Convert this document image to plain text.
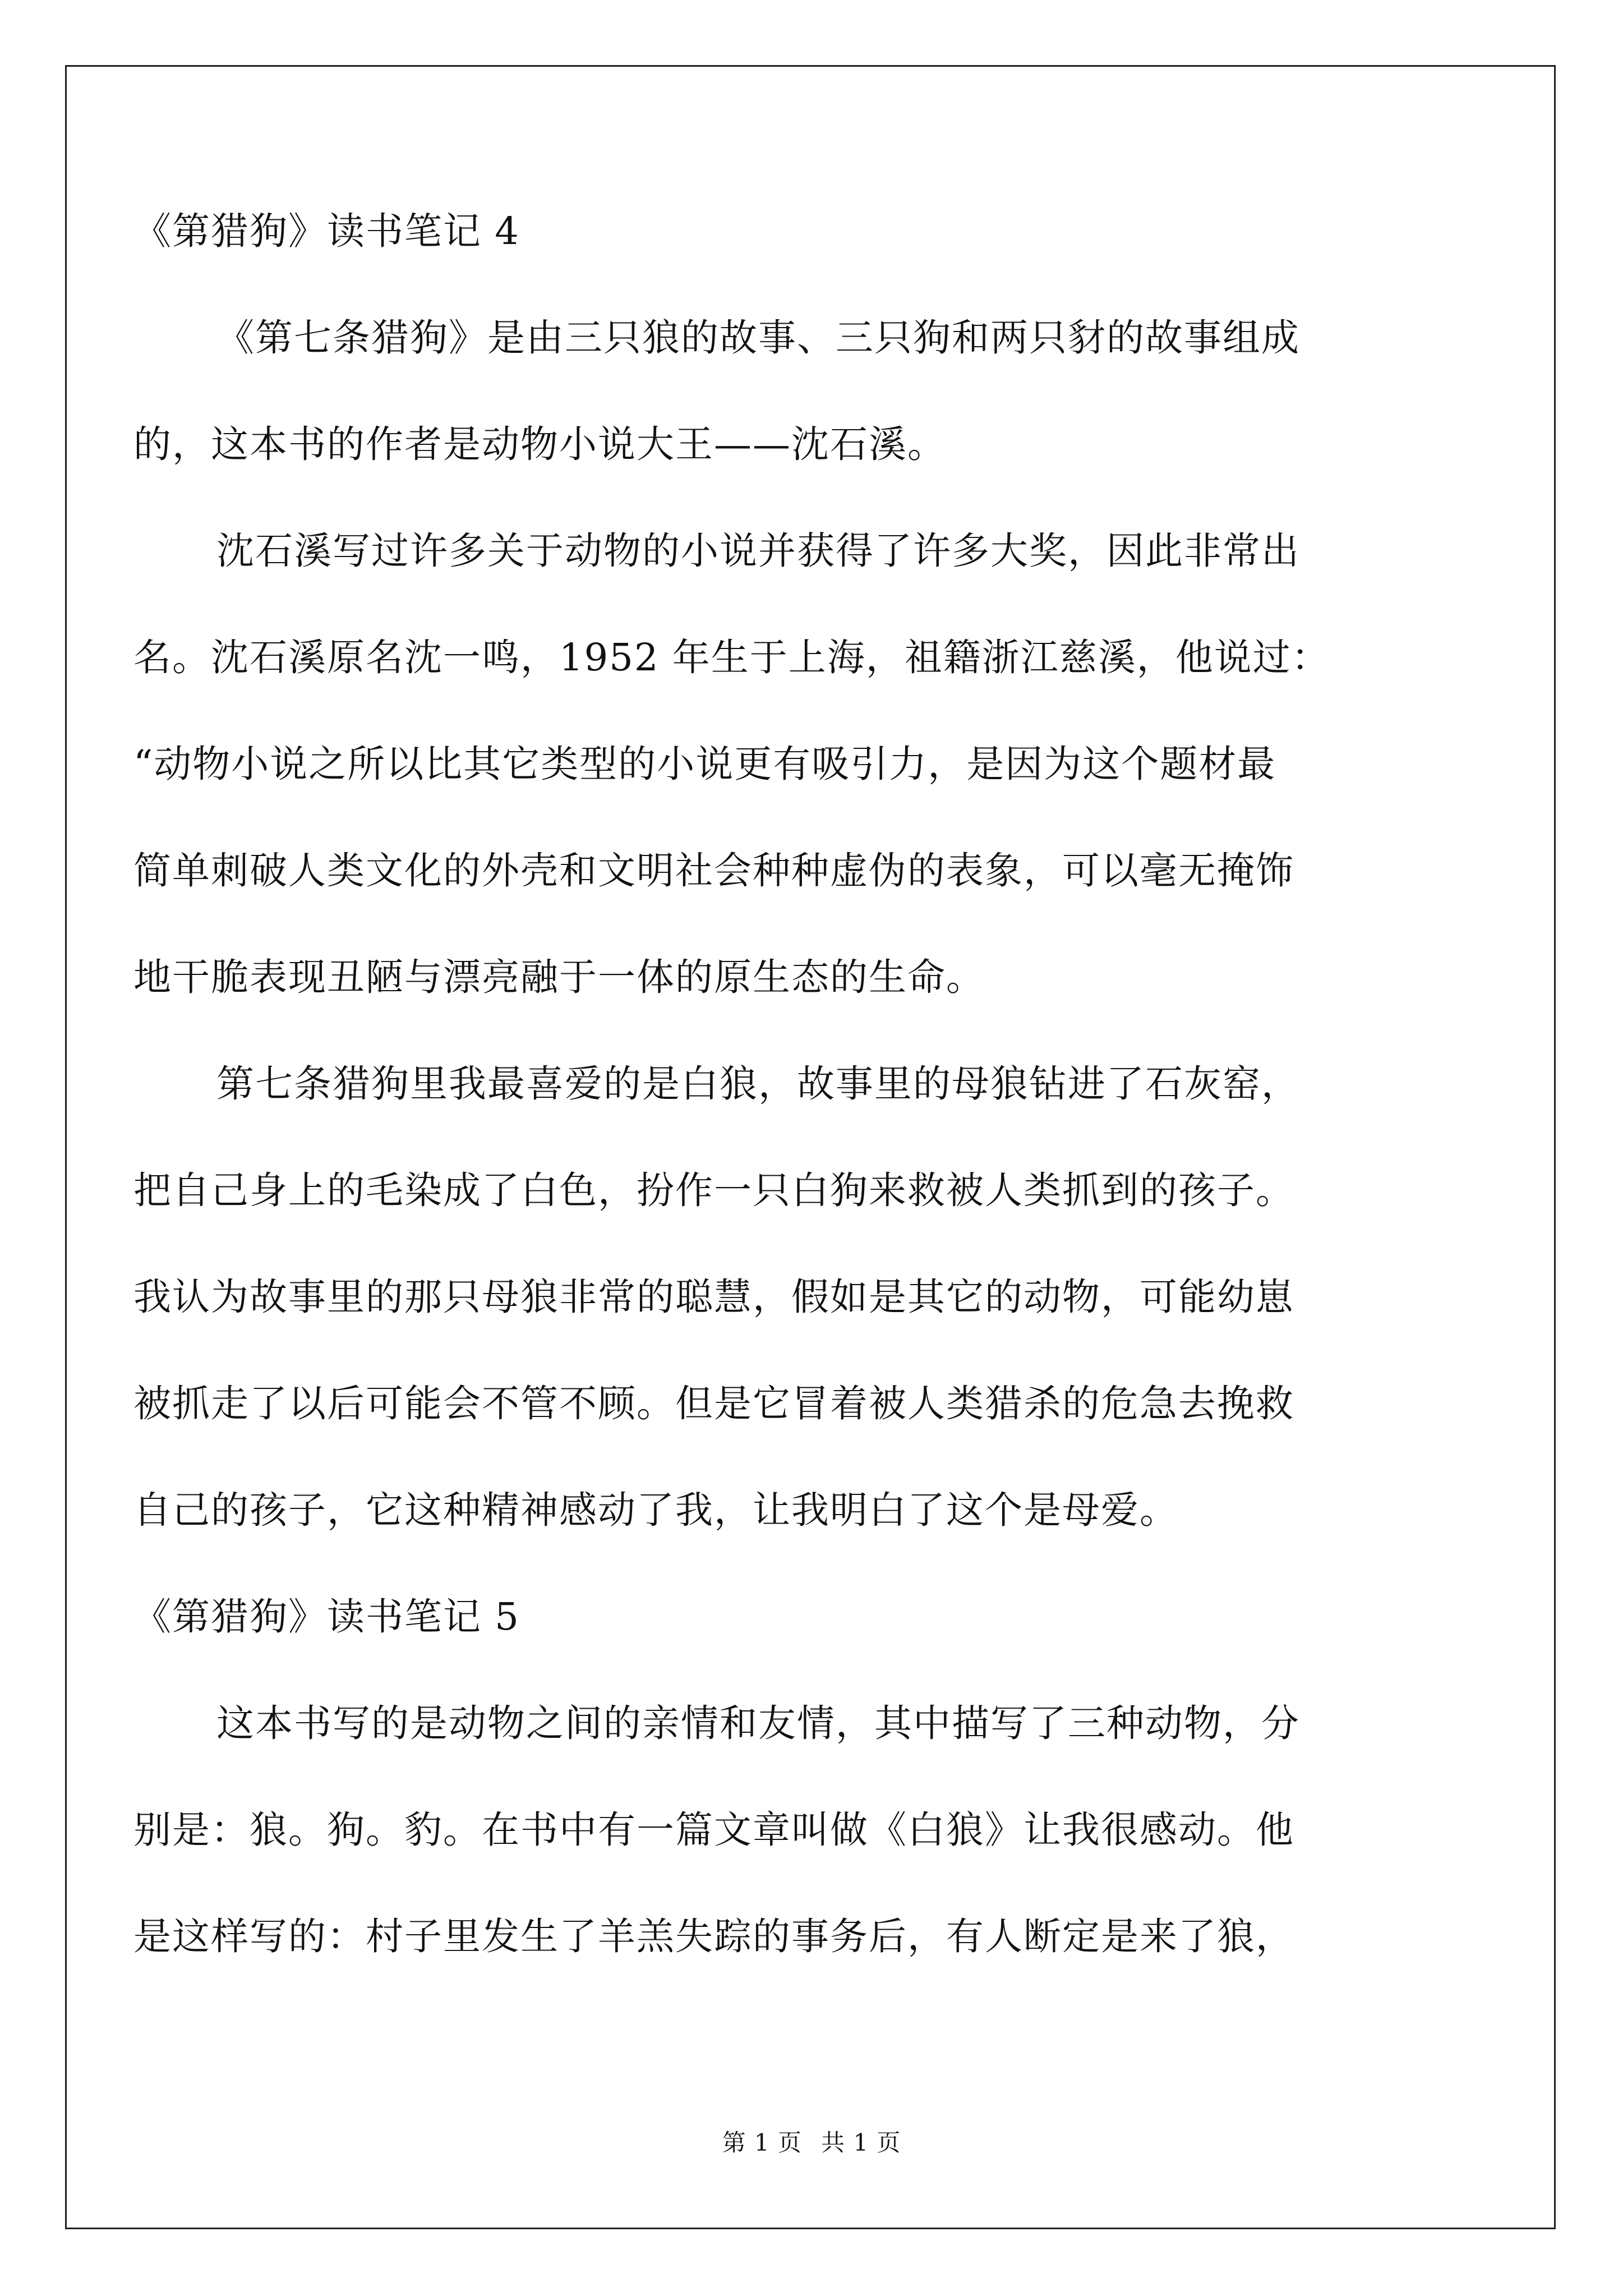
《第猎狗》读书笔记 4
《第七条猎狗》是由三只狼的故事、三只狗和两只豺的故事组成
的，这本书的作者是动物小说大王——沈石溪。
沈石溪写过许多关于动物的小说并获得了许多大奖，因此非常出
名。沈石溪原名沈一鸣，1952 年生于上海，祖籍浙江慈溪，他说过：
“动物小说之所以比其它类型的小说更有吸引力，是因为这个题材最
简单刺破人类文化的外壳和文明社会种种虚伪的表象，可以毫无掩饰
地干脆表现丑陋与漂亮融于一体的原生态的生命。
第七条猎狗里我最喜爱的是白狼，故事里的母狼钻进了石灰窑，
把自己身上的毛染成了白色，扮作一只白狗来救被人类抓到的孩子。
我认为故事里的那只母狼非常的聪慧，假如是其它的动物，可能幼崽
被抓走了以后可能会不管不顾。但是它冒着被人类猎杀的危急去挽救
自己的孩子，它这种精神感动了我，让我明白了这个是母爱。
《第猎狗》读书笔记 5
这本书写的是动物之间的亲情和友情，其中描写了三种动物，分
别是：狼。狗。豹。在书中有一篇文章叫做《白狼》让我很感动。他
是这样写的：村子里发生了羊羔失踪的事务后，有人断定是来了狼，
第 1 页 共 1 页
